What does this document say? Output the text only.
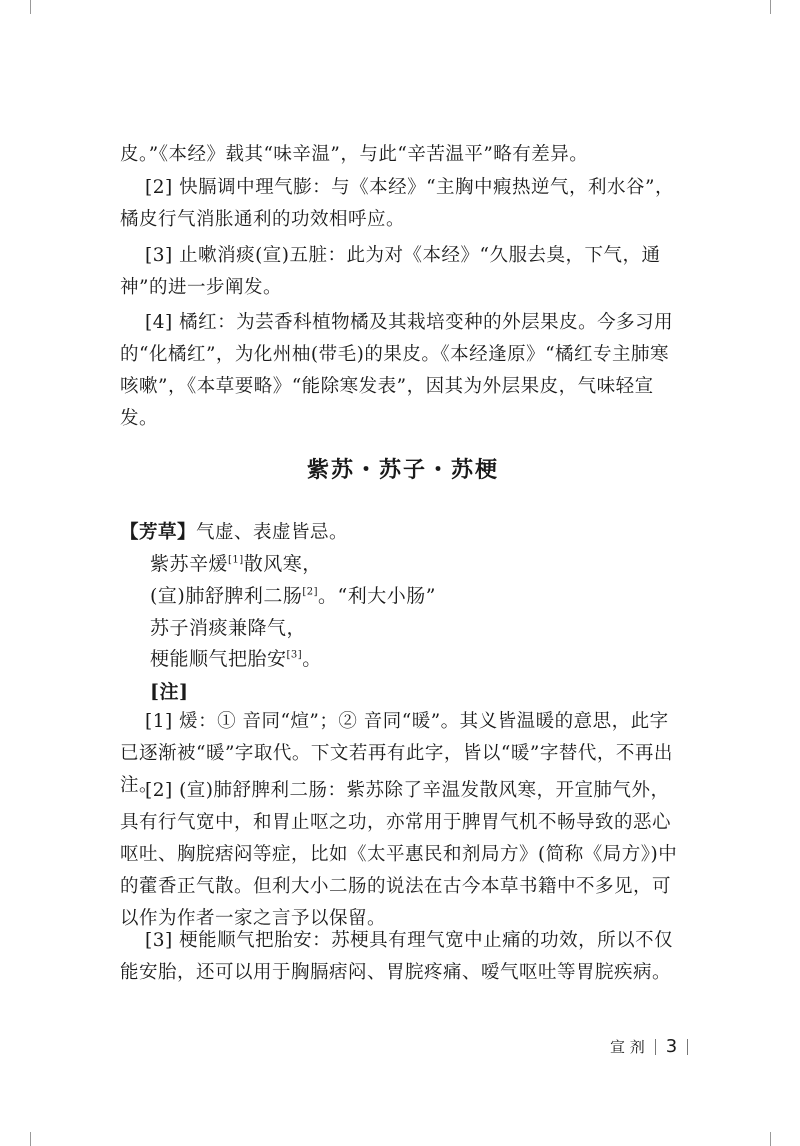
皮。”《本经》载其“味辛温”，与此“辛苦温平”略有差异。

[2] 快膈调中理气膨：与《本经》“主胸中瘕热逆气，利水谷”，橘皮行气消胀通利的功效相呼应。

[3] 止嗽消痰(宣)五脏：此为对《本经》“久服去臭，下气，通神”的进一步阐发。

[4] 橘红：为芸香科植物橘及其栽培变种的外层果皮。今多习用的“化橘红”，为化州柚(带毛)的果皮。《本经逢原》“橘红专主肺寒咳嗽”，《本草要略》“能除寒发表”，因其为外层果皮，气味轻宣发。

紫苏・苏子・苏梗

【芳草】气虚、表虚皆忌。

紫苏辛煖[1]散风寒，

(宣)肺舒脾利二肠[2]。“利大小肠”

苏子消痰兼降气，

梗能顺气把胎安[3]。

[注]

[1] 煖：① 音同“煊”；② 音同“暖”。其义皆温暖的意思，此字已逐渐被“暖”字取代。下文若再有此字，皆以“暖”字替代，不再出注。

[2] (宣)肺舒脾利二肠：紫苏除了辛温发散风寒，开宣肺气外，具有行气宽中，和胃止呕之功，亦常用于脾胃气机不畅导致的恶心呕吐、胸脘痞闷等症，比如《太平惠民和剂局方》(简称《局方》)中的藿香正气散。但利大小二肠的说法在古今本草书籍中不多见，可以作为作者一家之言予以保留。

[3] 梗能顺气把胎安：苏梗具有理气宽中止痛的功效，所以不仅能安胎，还可以用于胸膈痞闷、胃脘疼痛、嗳气呕吐等胃脘疾病。

宣 剂 3
